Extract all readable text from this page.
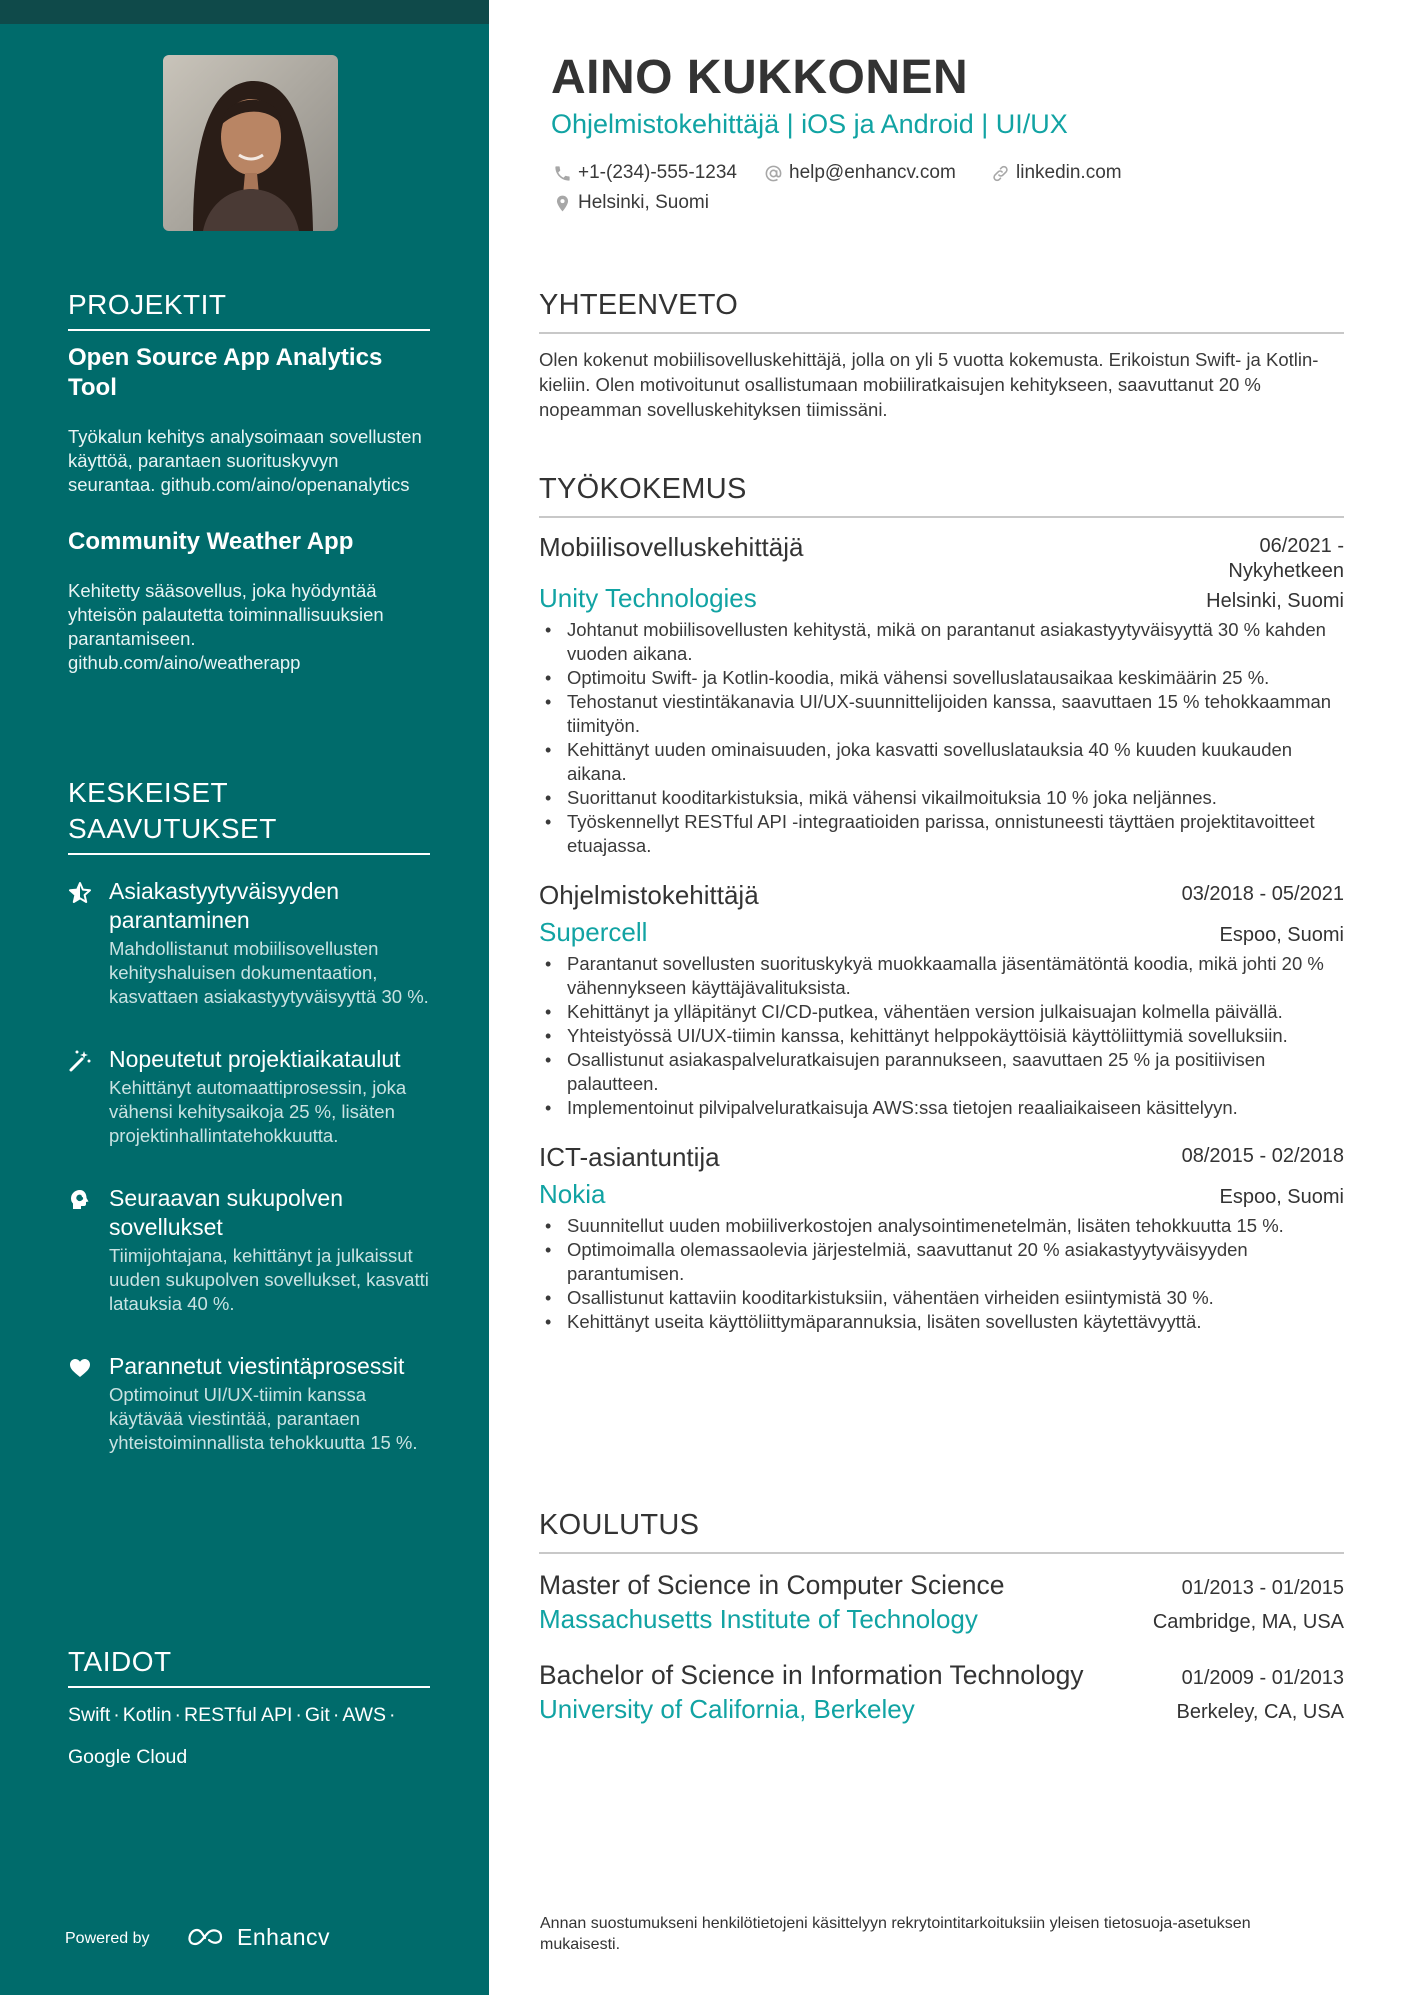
PROJEKTIT
Open Source App Analytics Tool
Työkalun kehitys analysoimaan sovellusten käyttöä, parantaen suorituskyvyn seurantaa. github.com/aino/openanalytics
Community Weather App
Kehitetty sääsovellus, joka hyödyntää yhteisön palautetta toiminnallisuuksien parantamiseen. github.com/aino/weatherapp
KESKEISET SAAVUTUKSET
Asiakastyytyväisyyden parantaminen
Mahdollistanut mobiilisovellusten kehityshaluisen dokumentaation, kasvattaen asiakastyytyväisyyttä 30 %.
Nopeutetut projektiaikataulut
Kehittänyt automaattiprosessin, joka vähensi kehitysaikoja 25 %, lisäten projektinhallintatehokkuutta.
Seuraavan sukupolven sovellukset
Tiimijohtajana, kehittänyt ja julkaissut uuden sukupolven sovellukset, kasvatti latauksia 40 %.
Parannetut viestintäprosessit
Optimoinut UI/UX-tiimin kanssa käytävää viestintää, parantaen yhteistoiminnallista tehokkuutta 15 %.
TAIDOT
Swift · Kotlin · RESTful API · Git · AWS ·
Google Cloud
Powered by	Enhancv
AINO KUKKONEN
Ohjelmistokehittäjä | iOS ja Android | UI/UX
+1-(234)-555-1234	help@enhancv.com	linkedin.com
Helsinki, Suomi
YHTEENVETO
Olen kokenut mobiilisovelluskehittäjä, jolla on yli 5 vuotta kokemusta. Erikoistun Swift- ja Kotlin-kieliin. Olen motivoitunut osallistumaan mobiiliratkaisujen kehitykseen, saavuttanut 20 % nopeamman sovelluskehityksen tiimissäni.
TYÖKOKEMUS
Mobiilisovelluskehittäjä	06/2021 - Nykyhetkeen
Unity Technologies	Helsinki, Suomi
• Johtanut mobiilisovellusten kehitystä, mikä on parantanut asiakastyytyväisyyttä 30 % kahden vuoden aikana.
• Optimoitu Swift- ja Kotlin-koodia, mikä vähensi sovelluslatausaikaa keskimäärin 25 %.
• Tehostanut viestintäkanavia UI/UX-suunnittelijoiden kanssa, saavuttaen 15 % tehokkaamman tiimityön.
• Kehittänyt uuden ominaisuuden, joka kasvatti sovelluslatauksia 40 % kuuden kuukauden aikana.
• Suorittanut kooditarkistuksia, mikä vähensi vikailmoituksia 10 % joka neljännes.
• Työskennellyt RESTful API -integraatioiden parissa, onnistuneesti täyttäen projektitavoitteet etuajassa.
Ohjelmistokehittäjä	03/2018 - 05/2021
Supercell	Espoo, Suomi
• Parantanut sovellusten suorituskykyä muokkaamalla jäsentämätöntä koodia, mikä johti 20 % vähennykseen käyttäjävalituksista.
• Kehittänyt ja ylläpitänyt CI/CD-putkea, vähentäen version julkaisuajan kolmella päivällä.
• Yhteistyössä UI/UX-tiimin kanssa, kehittänyt helppokäyttöisiä käyttöliittymiä sovelluksiin.
• Osallistunut asiakaspalveluratkaisujen parannukseen, saavuttaen 25 % ja positiivisen palautteen.
• Implementoinut pilvipalveluratkaisuja AWS:ssa tietojen reaaliaikaiseen käsittelyyn.
ICT-asiantuntija	08/2015 - 02/2018
Nokia	Espoo, Suomi
• Suunnitellut uuden mobiiliverkostojen analysointimenetelmän, lisäten tehokkuutta 15 %.
• Optimoimalla olemassaolevia järjestelmiä, saavuttanut 20 % asiakastyytyväisyyden parantumisen.
• Osallistunut kattaviin kooditarkistuksiin, vähentäen virheiden esiintymistä 30 %.
• Kehittänyt useita käyttöliittymäparannuksia, lisäten sovellusten käytettävyyttä.
KOULUTUS
Master of Science in Computer Science	01/2013 - 01/2015
Massachusetts Institute of Technology	Cambridge, MA, USA
Bachelor of Science in Information Technology	01/2009 - 01/2013
University of California, Berkeley	Berkeley, CA, USA
Annan suostumukseni henkilötietojeni käsittelyyn rekrytointitarkoituksiin yleisen tietosuoja-asetuksen mukaisesti.
